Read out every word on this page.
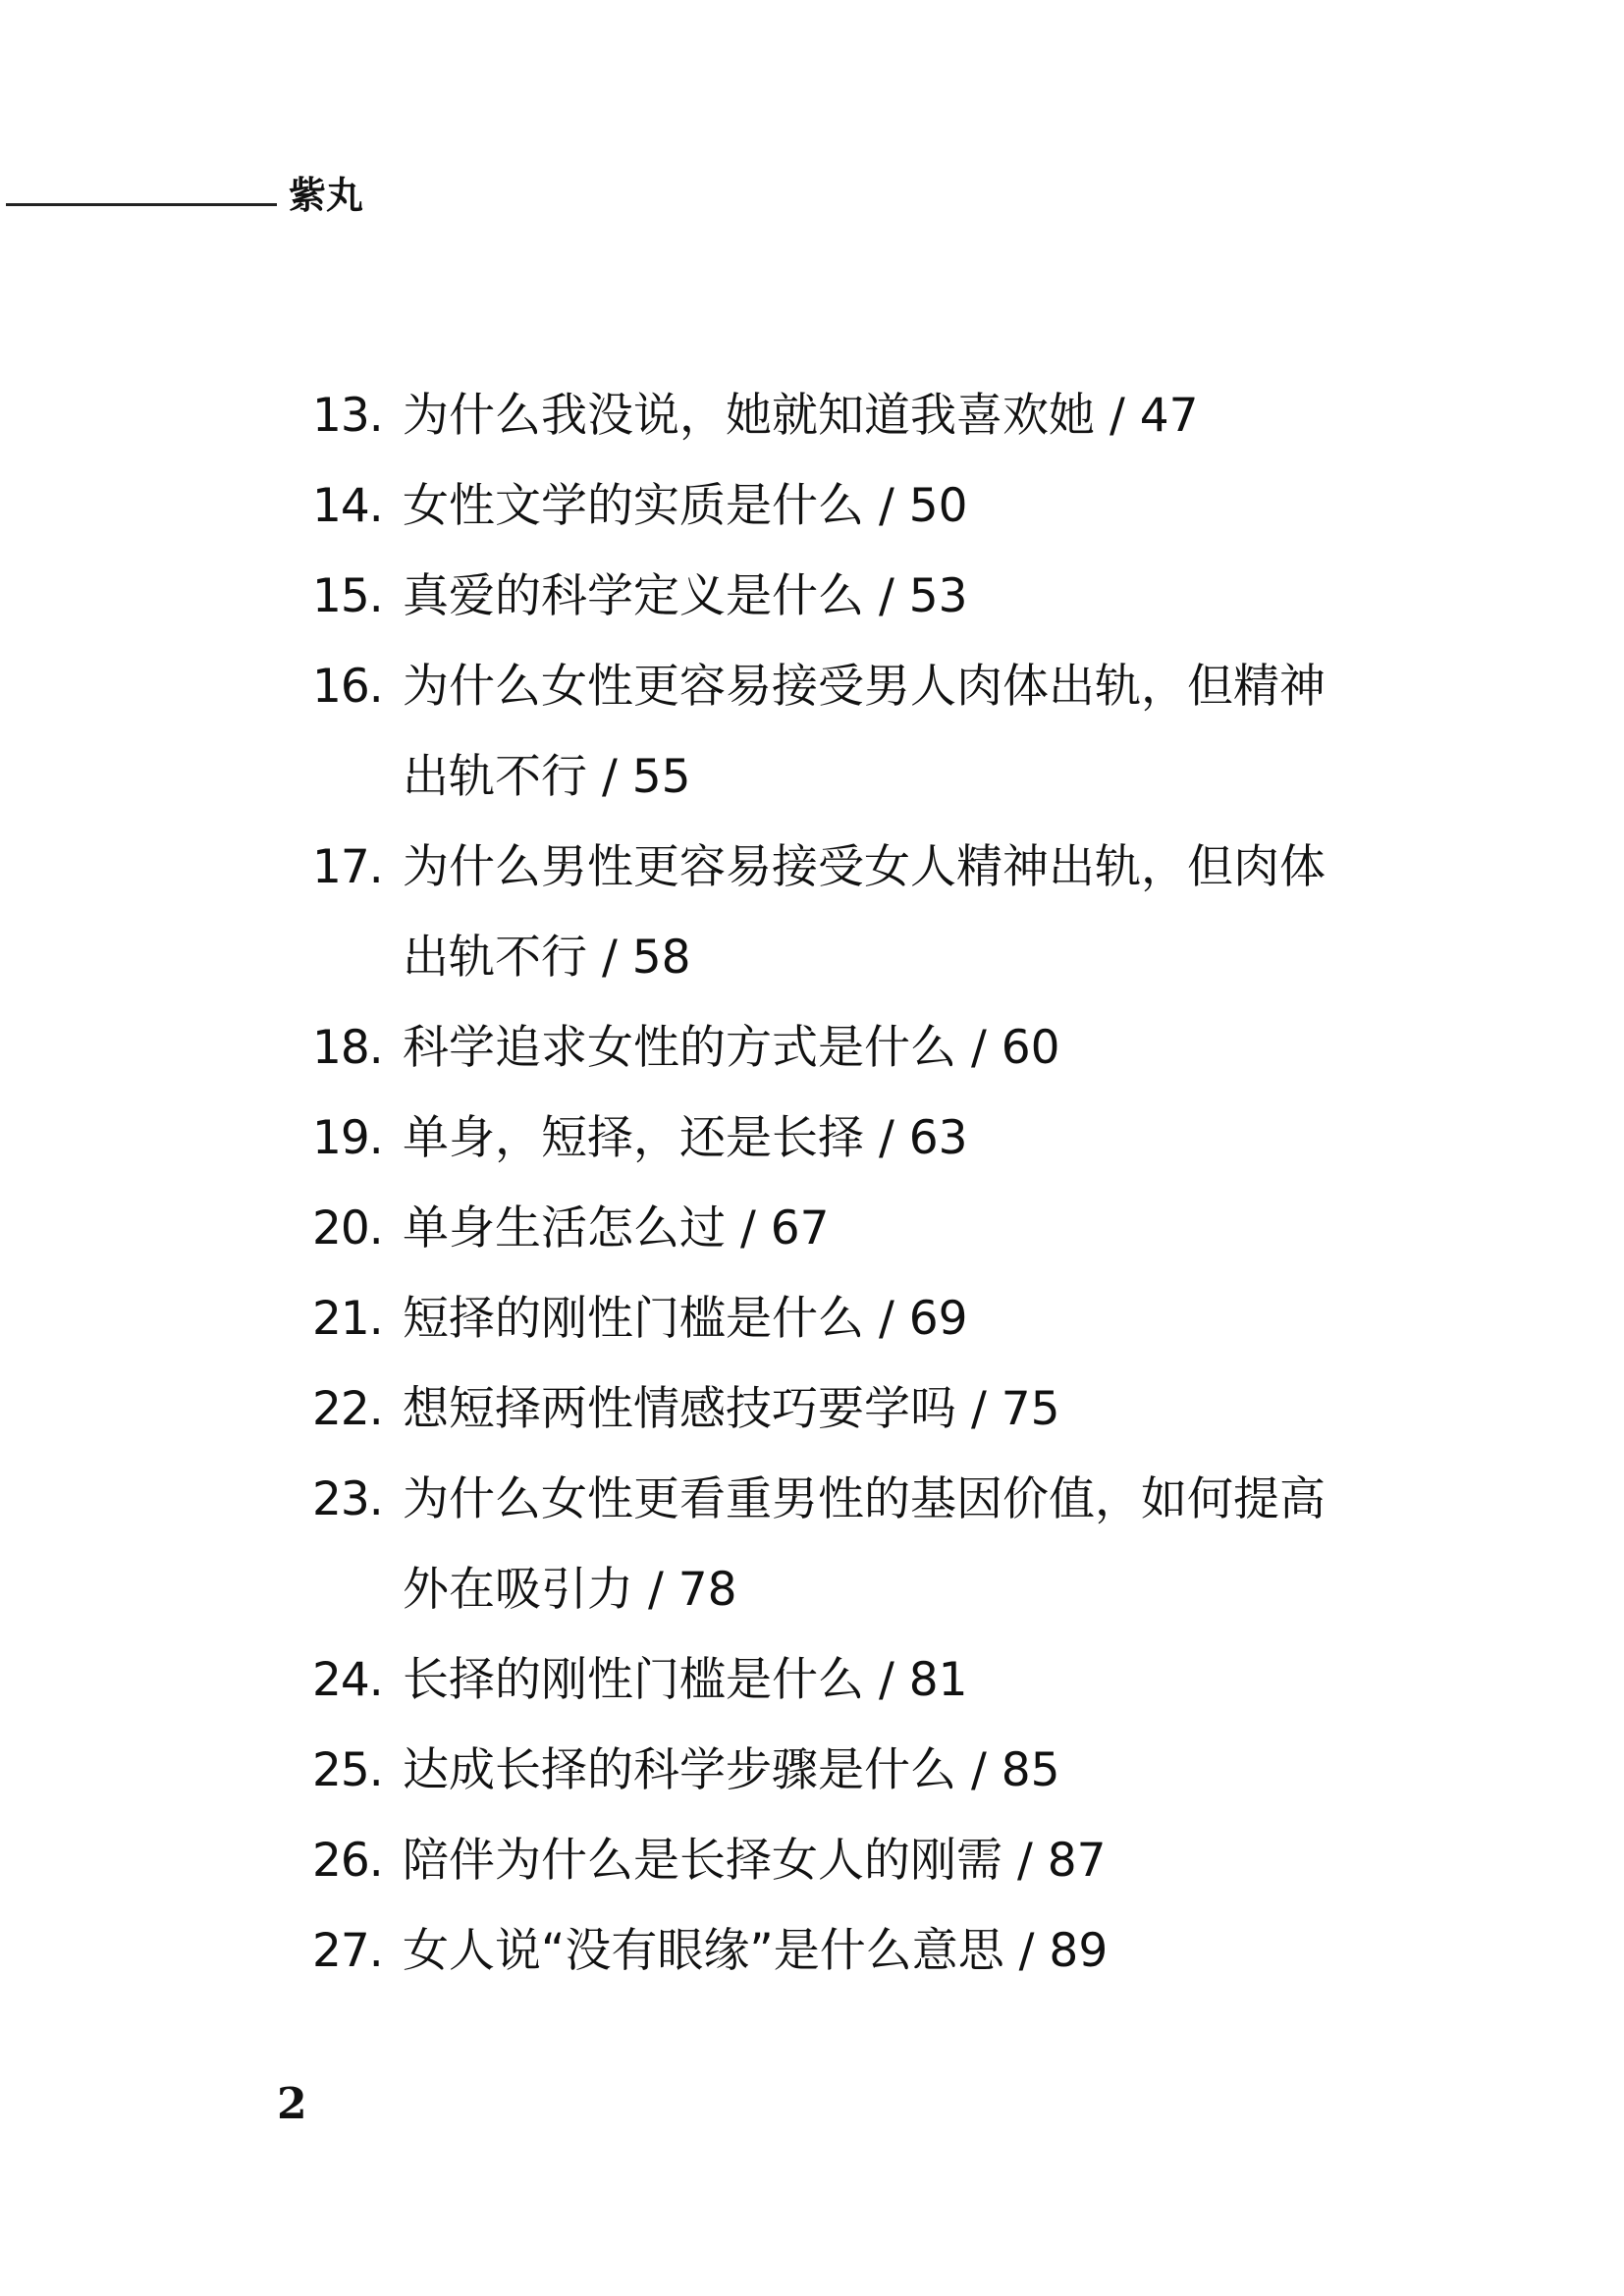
紫丸
13. 为什么我没说，她就知道我喜欢她 / 47
14. 女性文学的实质是什么 / 50
15. 真爱的科学定义是什么 / 53
16. 为什么女性更容易接受男人肉体出轨，但精神出轨不行 / 55
17. 为什么男性更容易接受女人精神出轨，但肉体出轨不行 / 58
18. 科学追求女性的方式是什么 / 60
19. 单身，短择，还是长择 / 63
20. 单身生活怎么过 / 67
21. 短择的刚性门槛是什么 / 69
22. 想短择两性情感技巧要学吗 / 75
23. 为什么女性更看重男性的基因价值，如何提高外在吸引力 / 78
24. 长择的刚性门槛是什么 / 81
25. 达成长择的科学步骤是什么 / 85
26. 陪伴为什么是长择女人的刚需 / 87
27. 女人说“没有眼缘”是什么意思 / 89
2
